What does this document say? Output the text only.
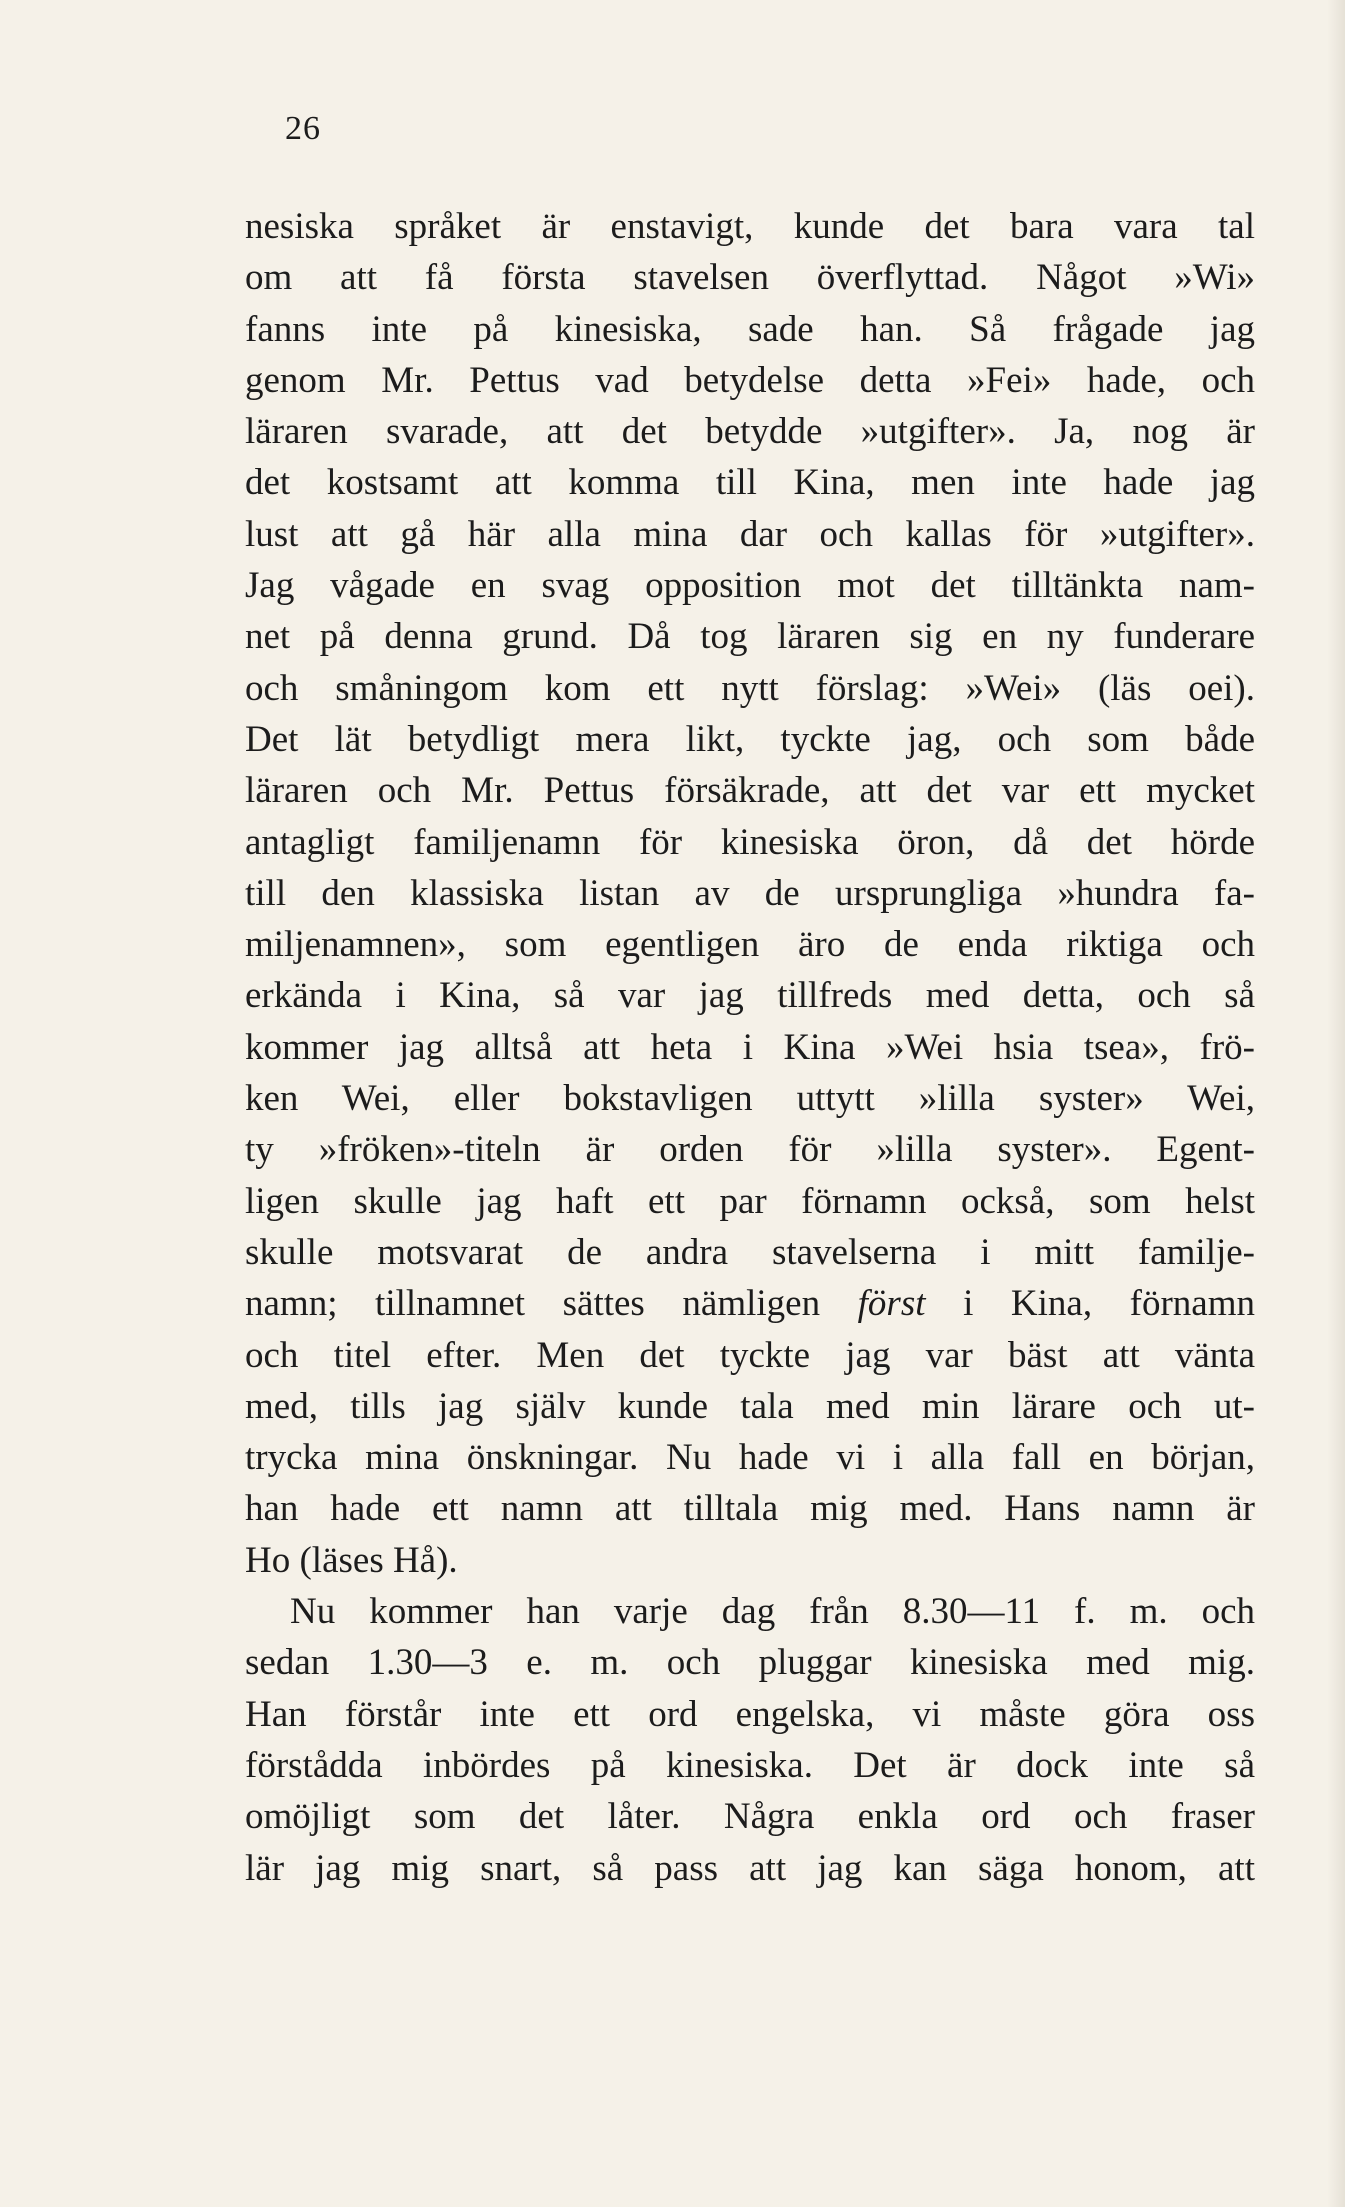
26
nesiska språket är enstavigt, kunde det bara vara tal
om att få första stavelsen överflyttad. Något »Wi»
fanns inte på kinesiska, sade han. Så frågade jag
genom Mr. Pettus vad betydelse detta »Fei» hade, och
läraren svarade, att det betydde »utgifter». Ja, nog är
det kostsamt att komma till Kina, men inte hade jag
lust att gå här alla mina dar och kallas för »utgifter».
Jag vågade en svag opposition mot det tilltänkta nam-
net på denna grund. Då tog läraren sig en ny funderare
och småningom kom ett nytt förslag: »Wei» (läs oei).
Det lät betydligt mera likt, tyckte jag, och som både
läraren och Mr. Pettus försäkrade, att det var ett mycket
antagligt familjenamn för kinesiska öron, då det hörde
till den klassiska listan av de ursprungliga »hundra fa-
miljenamnen», som egentligen äro de enda riktiga och
erkända i Kina, så var jag tillfreds med detta, och så
kommer jag alltså att heta i Kina »Wei hsia tsea», frö-
ken Wei, eller bokstavligen uttytt »lilla syster» Wei,
ty »fröken»-titeln är orden för »lilla syster». Egent-
ligen skulle jag haft ett par förnamn också, som helst
skulle motsvarat de andra stavelserna i mitt familje-
namn; tillnamnet sättes nämligen först i Kina, förnamn
och titel efter. Men det tyckte jag var bäst att vänta
med, tills jag själv kunde tala med min lärare och ut-
trycka mina önskningar. Nu hade vi i alla fall en början,
han hade ett namn att tilltala mig med. Hans namn är
Ho (läses Hå).
Nu kommer han varje dag från 8.30—11 f. m. och
sedan 1.30—3 e. m. och pluggar kinesiska med mig.
Han förstår inte ett ord engelska, vi måste göra oss
förstådda inbördes på kinesiska. Det är dock inte så
omöjligt som det låter. Några enkla ord och fraser
lär jag mig snart, så pass att jag kan säga honom, att
